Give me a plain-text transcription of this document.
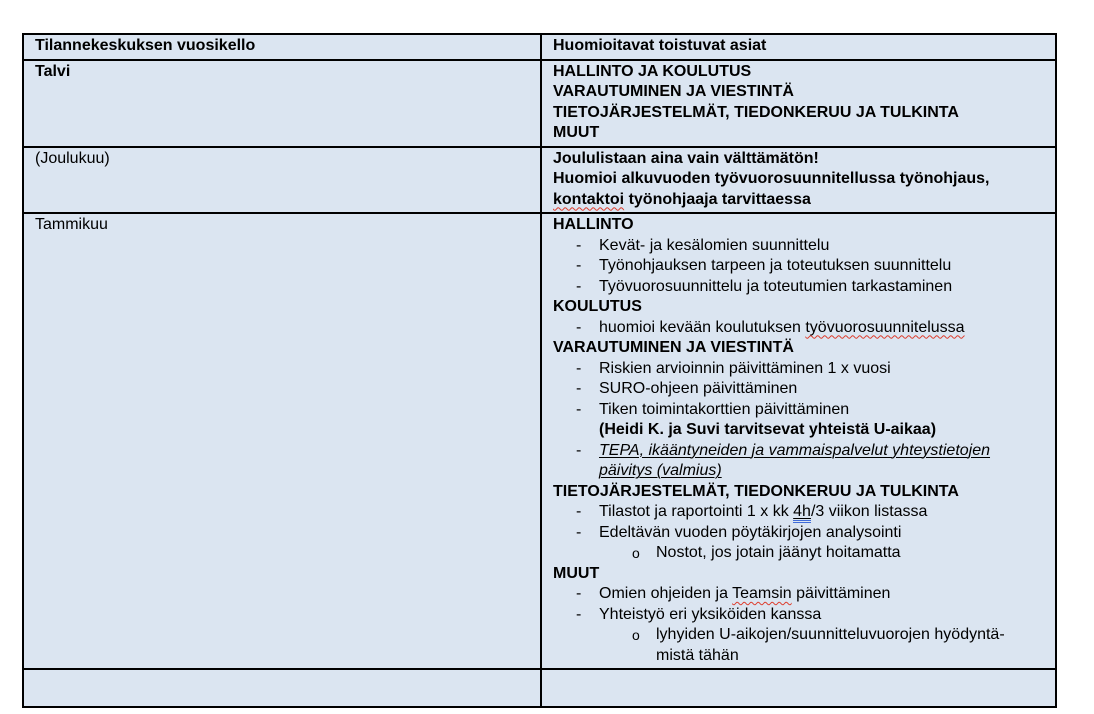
Tilannekeskuksen vuosikello	Huomioitavat toistuvat asiat
Talvi	HALLINTO JA KOULUTUS
VARAUTUMINEN JA VIESTINTÄ
TIETOJÄRJESTELMÄT, TIEDONKERUU JA TULKINTA
MUUT

(Joulukuu)	Joululistaan aina vain välttämätön!
Huomioi alkuvuoden työvuorosuunnitellussa työnohjaus,
kontaktoi työnohjaaja tarvittaessa

Tammikuu	HALLINTO
- Kevät- ja kesälomien suunnittelu
- Työnohjauksen tarpeen ja toteutuksen suunnittelu
- Työvuorosuunnittelu ja toteutumien tarkastaminen
KOULUTUS
- huomioi kevään koulutuksen työvuorosuunnitelussa
VARAUTUMINEN JA VIESTINTÄ
- Riskien arvioinnin päivittäminen 1 x vuosi
- SURO-ohjeen päivittäminen
- Tiken toimintakorttien päivittäminen
(Heidi K. ja Suvi tarvitsevat yhteistä U-aikaa)
- TEPA, ikääntyneiden ja vammaispalvelut yhteystietojen
päivitys (valmius)
TIETOJÄRJESTELMÄT, TIEDONKERUU JA TULKINTA
- Tilastot ja raportointi 1 x kk 4h/3 viikon listassa
- Edeltävän vuoden pöytäkirjojen analysointi
o Nostot, jos jotain jäänyt hoitamatta
MUUT
- Omien ohjeiden ja Teamsin päivittäminen
- Yhteistyö eri yksiköiden kanssa
o lyhyiden U-aikojen/suunnitteluvuorojen hyödyntä-
mistä tähän
